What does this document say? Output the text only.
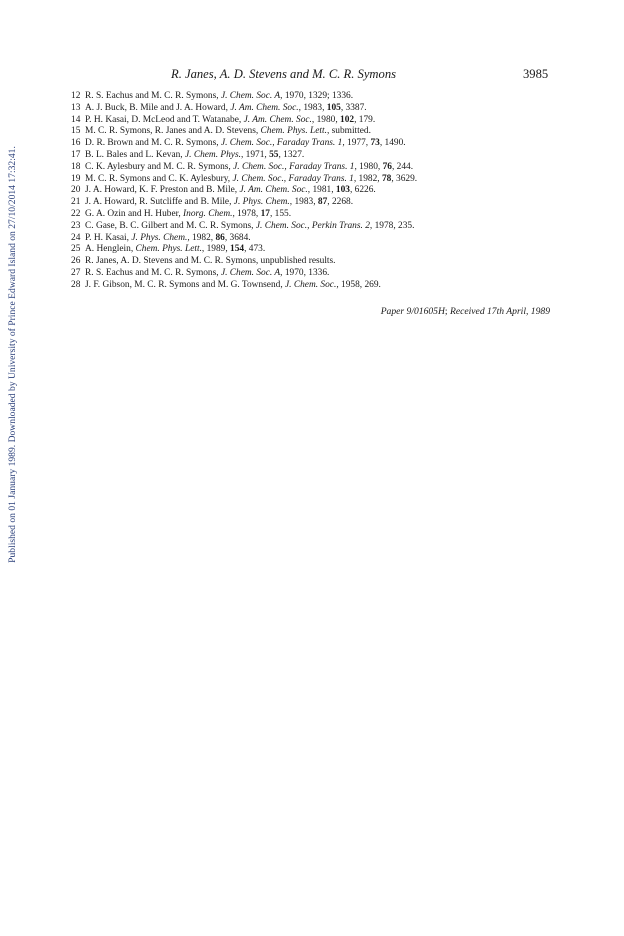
Published on 01 January 1989. Downloaded by University of Prince Edward Island on 27/10/2014 17:32:41.
R. Janes, A. D. Stevens and M. C. R. Symons	3985
12 R. S. Eachus and M. C. R. Symons, J. Chem. Soc. A, 1970, 1329; 1336.
13 A. J. Buck, B. Mile and J. A. Howard, J. Am. Chem. Soc., 1983, 105, 3387.
14 P. H. Kasai, D. McLeod and T. Watanabe, J. Am. Chem. Soc., 1980, 102, 179.
15 M. C. R. Symons, R. Janes and A. D. Stevens, Chem. Phys. Lett., submitted.
16 D. R. Brown and M. C. R. Symons, J. Chem. Soc., Faraday Trans. 1, 1977, 73, 1490.
17 B. L. Bales and L. Kevan, J. Chem. Phys., 1971, 55, 1327.
18 C. K. Aylesbury and M. C. R. Symons, J. Chem. Soc., Faraday Trans. 1, 1980, 76, 244.
19 M. C. R. Symons and C. K. Aylesbury, J. Chem. Soc., Faraday Trans. 1, 1982, 78, 3629.
20 J. A. Howard, K. F. Preston and B. Mile, J. Am. Chem. Soc., 1981, 103, 6226.
21 J. A. Howard, R. Sutcliffe and B. Mile, J. Phys. Chem., 1983, 87, 2268.
22 G. A. Ozin and H. Huber, Inorg. Chem., 1978, 17, 155.
23 C. Gase, B. C. Gilbert and M. C. R. Symons, J. Chem. Soc., Perkin Trans. 2, 1978, 235.
24 P. H. Kasai, J. Phys. Chem., 1982, 86, 3684.
25 A. Henglein, Chem. Phys. Lett., 1989, 154, 473.
26 R. Janes, A. D. Stevens and M. C. R. Symons, unpublished results.
27 R. S. Eachus and M. C. R. Symons, J. Chem. Soc. A, 1970, 1336.
28 J. F. Gibson, M. C. R. Symons and M. G. Townsend, J. Chem. Soc., 1958, 269.
Paper 9/01605H; Received 17th April, 1989
